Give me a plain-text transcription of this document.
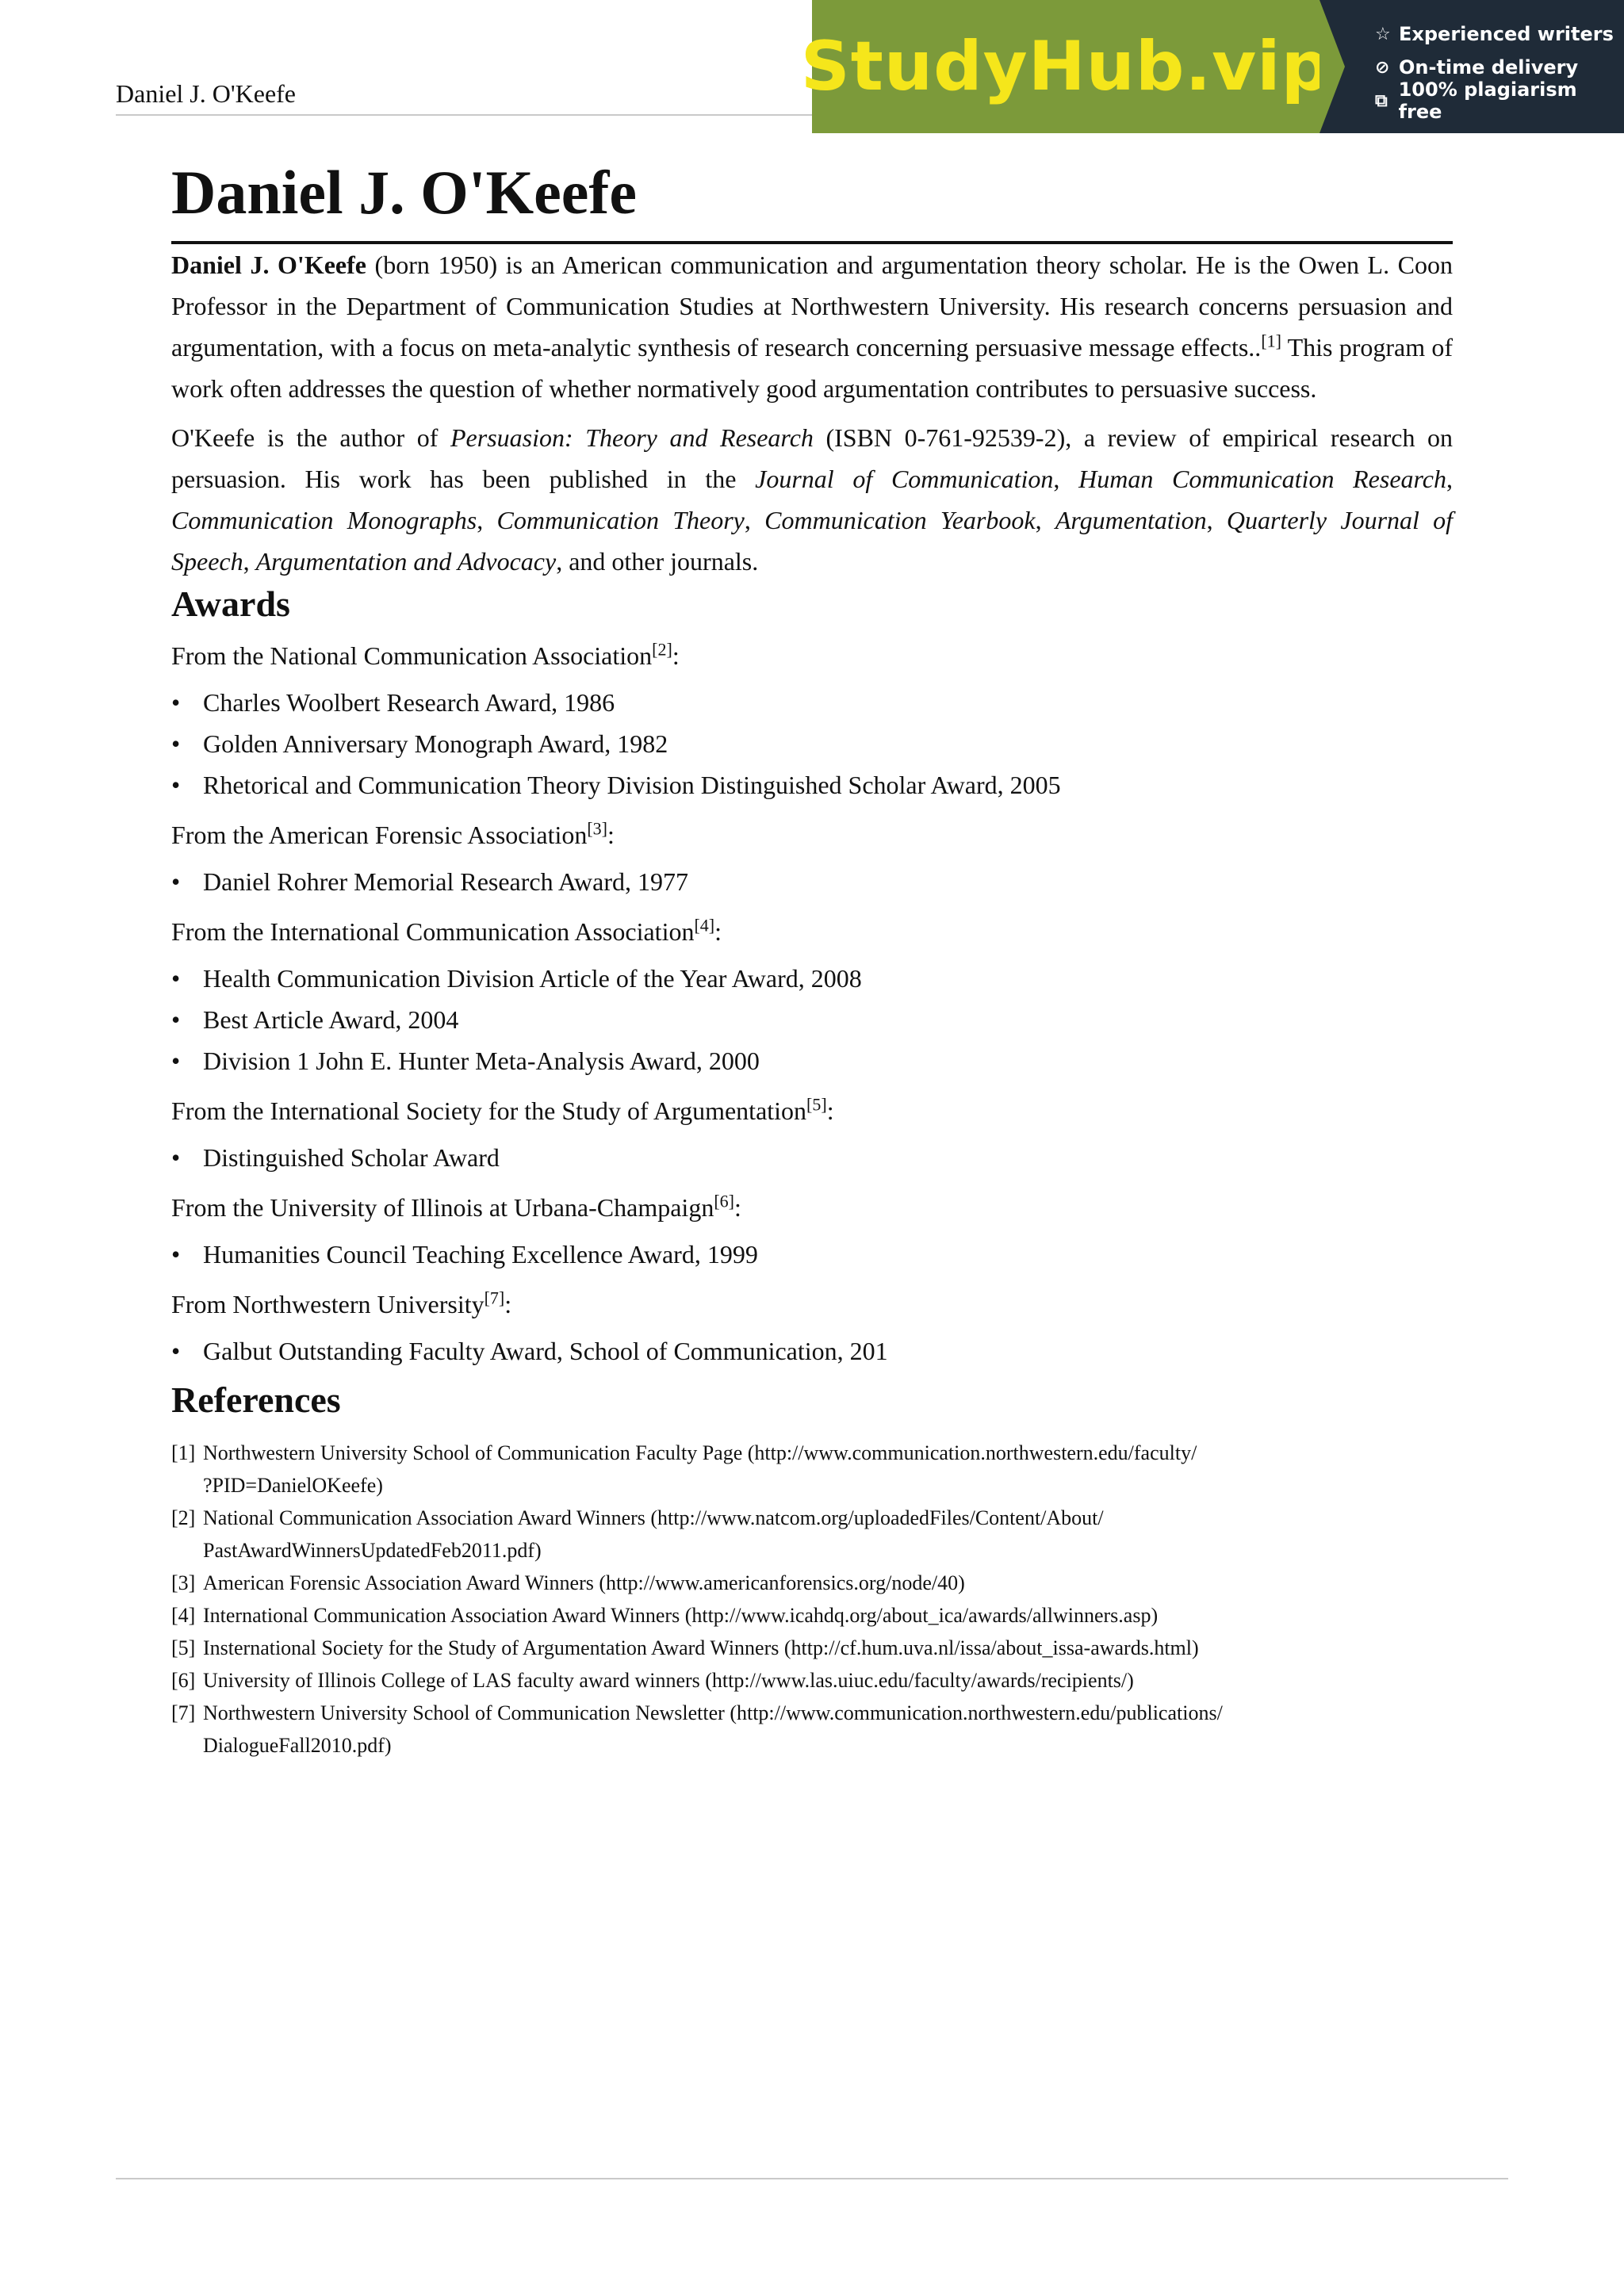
Daniel J. O'Keefe	StudyHub.vip	☆ Experienced writers
⊘ On-time delivery
⧉ 100% plagiarism free
Daniel J. O'Keefe

Daniel J. O'Keefe (born 1950) is an American communication and argumentation theory scholar. He is the Owen L. Coon Professor in the Department of Communication Studies at Northwestern University. His research concerns persuasion and argumentation, with a focus on meta-analytic synthesis of research concerning persuasive message effects..[1] This program of work often addresses the question of whether normatively good argumentation contributes to persuasive success.

O'Keefe is the author of Persuasion: Theory and Research (ISBN 0-761-92539-2), a review of empirical research on persuasion. His work has been published in the Journal of Communication, Human Communication Research, Communication Monographs, Communication Theory, Communication Yearbook, Argumentation, Quarterly Journal of Speech, Argumentation and Advocacy, and other journals.

Awards

From the National Communication Association[2]:

• Charles Woolbert Research Award, 1986
• Golden Anniversary Monograph Award, 1982
• Rhetorical and Communication Theory Division Distinguished Scholar Award, 2005

From the American Forensic Association[3]:

• Daniel Rohrer Memorial Research Award, 1977

From the International Communication Association[4]:

• Health Communication Division Article of the Year Award, 2008
• Best Article Award, 2004
• Division 1 John E. Hunter Meta-Analysis Award, 2000

From the International Society for the Study of Argumentation[5]:

• Distinguished Scholar Award

From the University of Illinois at Urbana-Champaign[6]:

• Humanities Council Teaching Excellence Award, 1999

From Northwestern University[7]:

• Galbut Outstanding Faculty Award, School of Communication, 201
References
[1] Northwestern University School of Communication Faculty Page (http://www.communication.northwestern.edu/faculty/
?PID=DanielOKeefe)
[2] National Communication Association Award Winners (http://www.natcom.org/uploadedFiles/Content/About/
PastAwardWinnersUpdatedFeb2011.pdf)
[3] American Forensic Association Award Winners (http://www.americanforensics.org/node/40)
[4] International Communication Association Award Winners (http://www.icahdq.org/about_ica/awards/allwinners.asp)
[5] Insternational Society for the Study of Argumentation Award Winners (http://cf.hum.uva.nl/issa/about_issa-awards.html)
[6] University of Illinois College of LAS faculty award winners (http://www.las.uiuc.edu/faculty/awards/recipients/)
[7] Northwestern University School of Communication Newsletter (http://www.communication.northwestern.edu/publications/
DialogueFall2010.pdf)
